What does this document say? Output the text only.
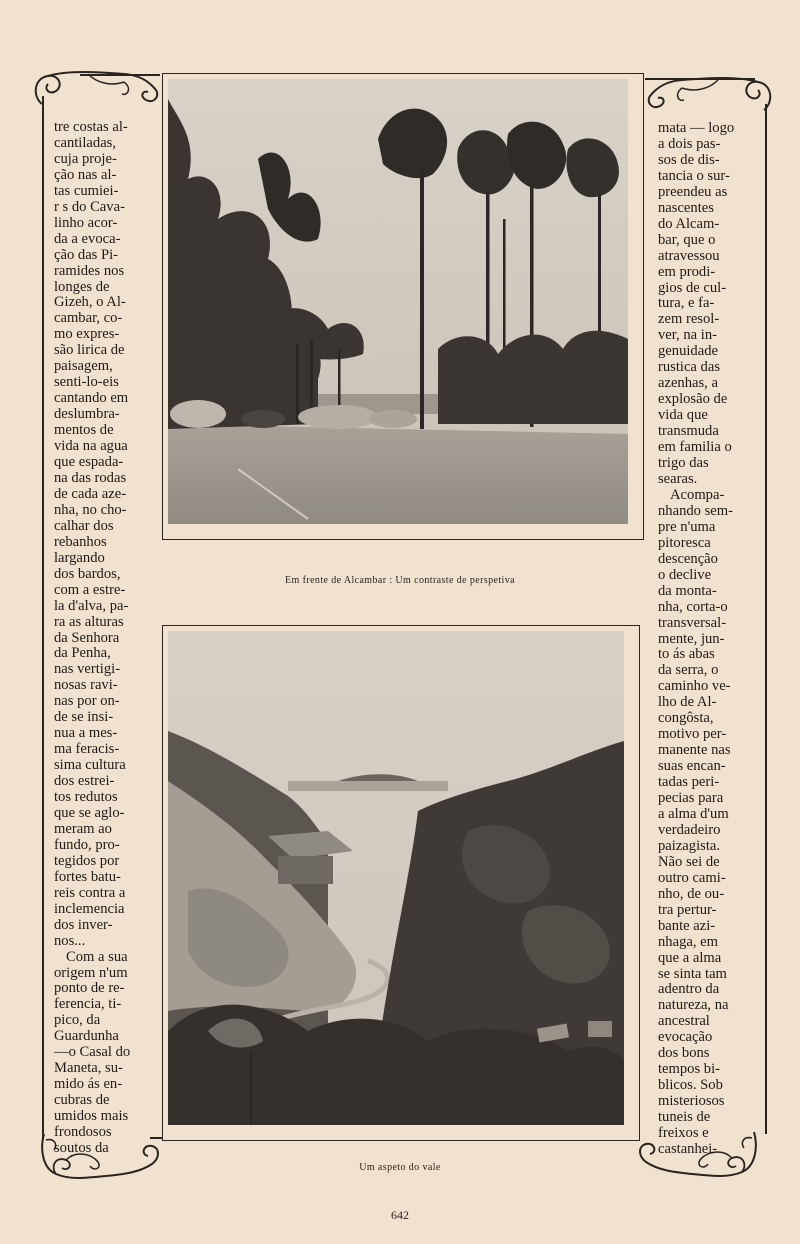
tre costas al-
cantiladas,
cuja proje-
ção nas al-
tas cumiei-
r s do Cava-
linho acor-
da a evoca-
ção das Pi-
ramides nos
longes de
Gizeh, o Al-
cambar, co-
mo expres-
são lirica de
paisagem,
senti-lo-eis
cantando em
deslumbra-
mentos de
vida na agua
que espada-
na das rodas
de cada aze-
nha, no cho-
calhar dos
rebanhos
largando
dos bardos,
com a estre-
la d'alva, pa-
ra as alturas
da Senhora
da Penha,
nas vertigi-
nosas ravi-
nas por on-
de se insi-
nua a mes-
ma feracis-
sima cultura
dos estrei-
tos redutos
que se aglo-
meram ao
fundo, pro-
tegidos por
fortes batu-
reis contra a
inclemencia
dos inver-
nos...

Com a sua
origem n'um
ponto de re-
ferencia, ti-
pico, da
Guardunha
—o Casal do
Maneta, su-
mido ás en-
cubras de
umidos mais
frondosos
soutos da

mata — logo
a dois pas-
sos de dis-
tancia o sur-
preendeu as
nascentes
do Alcam-
bar, que o
atravessou
em prodi-
gios de cul-
tura, e fa-
zem resol-
ver, na in-
genuidade
rustica das
azenhas, a
explosão de
vida que
transmuda
em familia o
trigo das
searas.

Acompa-
nhando sem-
pre n'uma
pitoresca
descenção
o declive
da monta-
nha, corta-o
transversal-
mente, jun-
to ás abas
da serra, o
caminho ve-
lho de Al-
congôsta,
motivo per-
manente nas
suas encan-
tadas peri-
pecias para
a alma d'um
verdadeiro
paizagista.
Não sei de
outro cami-
nho, de ou-
tra pertur-
bante azi-
nhaga, em
que a alma
se sinta tam
adentro da
natureza, na
ancestral
evocação
dos bons
tempos bi-
blicos. Sob
misteriosos
tuneis de
freixos e
castanhei-

Em frente de Alcambar : Um contraste de perspetiva
Um aspeto do vale
642
